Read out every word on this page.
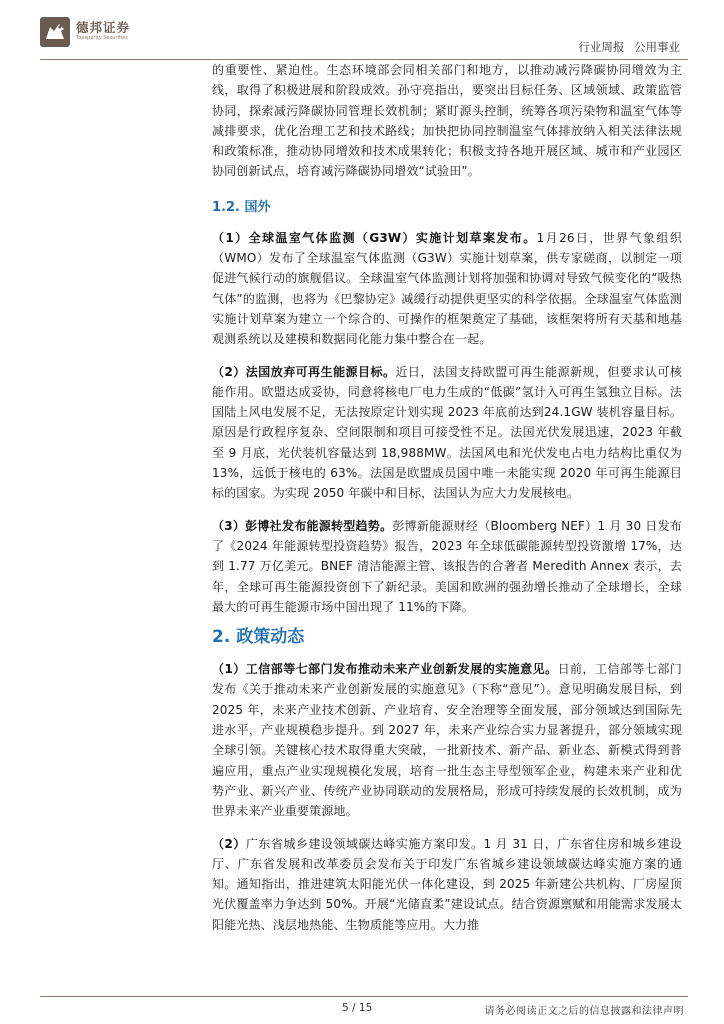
德邦证券
Topsperity Securities
行业周报 公用事业

的重要性、紧迫性。生态环境部会同相关部门和地方，以推动减污降碳协同增效为主线，取得了积极进展和阶段成效。孙守亮指出，要突出目标任务、区域领域、政策监管协同，探索减污降碳协同管理长效机制；紧盯源头控制，统筹各项污染物和温室气体等减排要求，优化治理工艺和技术路线；加快把协同控制温室气体排放纳入相关法律法规和政策标准，推动协同增效和技术成果转化；积极支持各地开展区域、城市和产业园区协同创新试点，培育减污降碳协同增效“试验田”。

1.2. 国外

（1）全球温室气体监测（G3W）实施计划草案发布。1月26日，世界气象组织（WMO）发布了全球温室气体监测（G3W）实施计划草案，供专家磋商，以制定一项促进气候行动的旗舰倡议。全球温室气体监测计划将加强和协调对导致气候变化的“吸热气体”的监测，也将为《巴黎协定》减缓行动提供更坚实的科学依据。全球温室气体监测实施计划草案为建立一个综合的、可操作的框架奠定了基础，该框架将所有天基和地基观测系统以及建模和数据同化能力集中整合在一起。

（2）法国放弃可再生能源目标。近日，法国支持欧盟可再生能源新规，但要求认可核能作用。欧盟达成妥协，同意将核电厂电力生成的“低碳”氢计入可再生氢独立目标。法国陆上风电发展不足，无法按原定计划实现 2023 年底前达到24.1GW 装机容量目标。原因是行政程序复杂、空间限制和项目可接受性不足。法国光伏发展迅速，2023 年截至 9 月底，光伏装机容量达到 18,988MW。法国风电和光伏发电占电力结构比重仅为 13%，远低于核电的 63%。法国是欧盟成员国中唯一未能实现 2020 年可再生能源目标的国家。为实现 2050 年碳中和目标，法国认为应大力发展核电。

（3）彭博社发布能源转型趋势。彭博新能源财经（Bloomberg NEF）1 月 30 日发布了《2024 年能源转型投资趋势》报告，2023 年全球低碳能源转型投资激增 17%，达到 1.77 万亿美元。BNEF 清洁能源主管、该报告的合著者 Meredith Annex 表示，去年，全球可再生能源投资创下了新纪录。美国和欧洲的强劲增长推动了全球增长，全球最大的可再生能源市场中国出现了 11%的下降。

2. 政策动态

（1）工信部等七部门发布推动未来产业创新发展的实施意见。日前，工信部等七部门发布《关于推动未来产业创新发展的实施意见》（下称“意见”）。意见明确发展目标，到 2025 年，未来产业技术创新、产业培育、安全治理等全面发展，部分领域达到国际先进水平，产业规模稳步提升。到 2027 年，未来产业综合实力显著提升，部分领域实现全球引领。关键核心技术取得重大突破，一批新技术、新产品、新业态、新模式得到普遍应用，重点产业实现规模化发展，培育一批生态主导型领军企业，构建未来产业和优势产业、新兴产业、传统产业协同联动的发展格局，形成可持续发展的长效机制，成为世界未来产业重要策源地。

（2）广东省城乡建设领域碳达峰实施方案印发。1 月 31 日，广东省住房和城乡建设厅、广东省发展和改革委员会发布关于印发广东省城乡建设领域碳达峰实施方案的通知。通知指出，推进建筑太阳能光伏一体化建设，到 2025 年新建公共机构、厂房屋顶光伏覆盖率力争达到 50%。开展“光储直柔”建设试点。结合资源禀赋和用能需求发展太阳能光热、浅层地热能、生物质能等应用。大力推

5 / 15	请务必阅读正文之后的信息披露和法律声明
